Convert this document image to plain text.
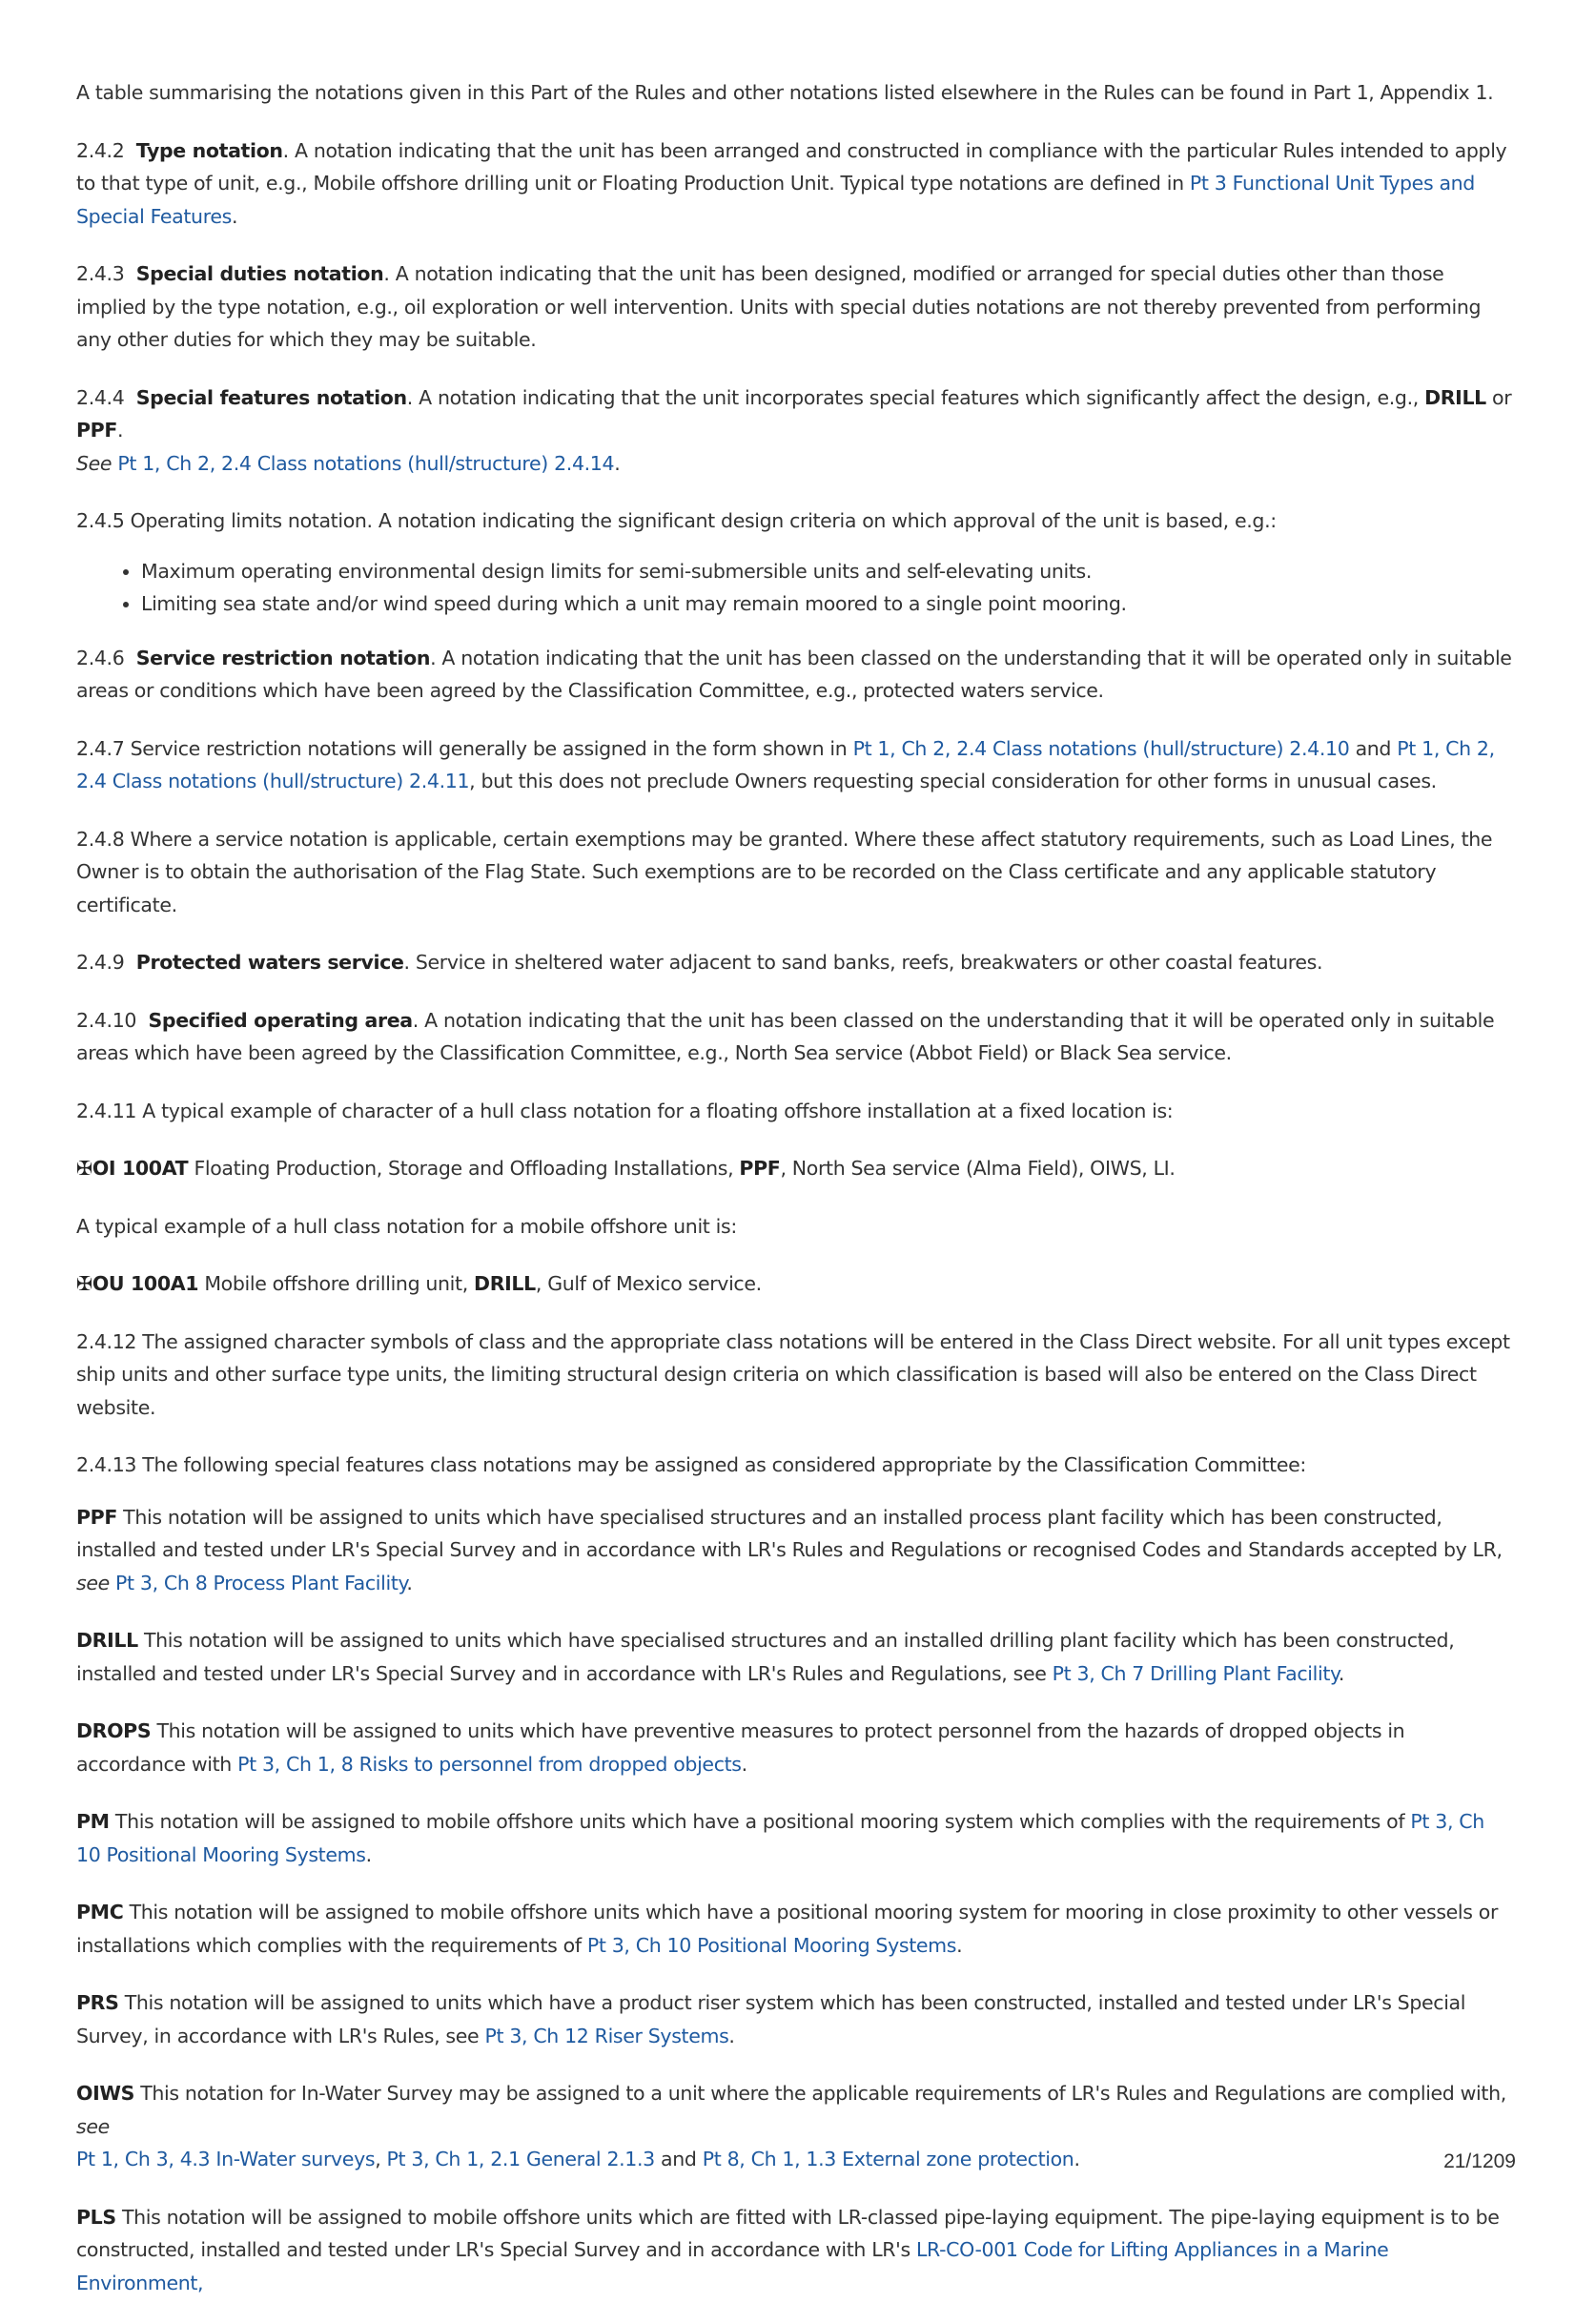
A table summarising the notations given in this Part of the Rules and other notations listed elsewhere in the Rules can be found in Part 1, Appendix 1.

2.4.2 Type notation. A notation indicating that the unit has been arranged and constructed in compliance with the particular Rules intended to apply to that type of unit, e.g., Mobile offshore drilling unit or Floating Production Unit. Typical type notations are defined in Pt 3 Functional Unit Types and Special Features.

2.4.3 Special duties notation. A notation indicating that the unit has been designed, modified or arranged for special duties other than those implied by the type notation, e.g., oil exploration or well intervention. Units with special duties notations are not thereby prevented from performing any other duties for which they may be suitable.

2.4.4 Special features notation. A notation indicating that the unit incorporates special features which significantly affect the design, e.g., DRILL or PPF.
See Pt 1, Ch 2, 2.4 Class notations (hull/structure) 2.4.14.

2.4.5 Operating limits notation. A notation indicating the significant design criteria on which approval of the unit is based, e.g.:

• Maximum operating environmental design limits for semi-submersible units and self-elevating units.
• Limiting sea state and/or wind speed during which a unit may remain moored to a single point mooring.

2.4.6 Service restriction notation. A notation indicating that the unit has been classed on the understanding that it will be operated only in suitable areas or conditions which have been agreed by the Classification Committee, e.g., protected waters service.

2.4.7 Service restriction notations will generally be assigned in the form shown in Pt 1, Ch 2, 2.4 Class notations (hull/structure) 2.4.10 and Pt 1, Ch 2, 2.4 Class notations (hull/structure) 2.4.11, but this does not preclude Owners requesting special consideration for other forms in unusual cases.

2.4.8 Where a service notation is applicable, certain exemptions may be granted. Where these affect statutory requirements, such as Load Lines, the Owner is to obtain the authorisation of the Flag State. Such exemptions are to be recorded on the Class certificate and any applicable statutory certificate.

2.4.9 Protected waters service. Service in sheltered water adjacent to sand banks, reefs, breakwaters or other coastal features.

2.4.10 Specified operating area. A notation indicating that the unit has been classed on the understanding that it will be operated only in suitable areas which have been agreed by the Classification Committee, e.g., North Sea service (Abbot Field) or Black Sea service.

2.4.11 A typical example of character of a hull class notation for a floating offshore installation at a fixed location is:

✠OI 100AT Floating Production, Storage and Offloading Installations, PPF, North Sea service (Alma Field), OIWS, LI.

A typical example of a hull class notation for a mobile offshore unit is:

✠OU 100A1 Mobile offshore drilling unit, DRILL, Gulf of Mexico service.

2.4.12 The assigned character symbols of class and the appropriate class notations will be entered in the Class Direct website. For all unit types except ship units and other surface type units, the limiting structural design criteria on which classification is based will also be entered on the Class Direct website.

2.4.13 The following special features class notations may be assigned as considered appropriate by the Classification Committee:

PPF This notation will be assigned to units which have specialised structures and an installed process plant facility which has been constructed, installed and tested under LR's Special Survey and in accordance with LR's Rules and Regulations or recognised Codes and Standards accepted by LR, see Pt 3, Ch 8 Process Plant Facility.

DRILL This notation will be assigned to units which have specialised structures and an installed drilling plant facility which has been constructed, installed and tested under LR's Special Survey and in accordance with LR's Rules and Regulations, see Pt 3, Ch 7 Drilling Plant Facility.

DROPS This notation will be assigned to units which have preventive measures to protect personnel from the hazards of dropped objects in accordance with Pt 3, Ch 1, 8 Risks to personnel from dropped objects.

PM This notation will be assigned to mobile offshore units which have a positional mooring system which complies with the requirements of Pt 3, Ch 10 Positional Mooring Systems.

PMC This notation will be assigned to mobile offshore units which have a positional mooring system for mooring in close proximity to other vessels or installations which complies with the requirements of Pt 3, Ch 10 Positional Mooring Systems.

PRS This notation will be assigned to units which have a product riser system which has been constructed, installed and tested under LR's Special Survey, in accordance with LR's Rules, see Pt 3, Ch 12 Riser Systems.

OIWS This notation for In-Water Survey may be assigned to a unit where the applicable requirements of LR's Rules and Regulations are complied with, see
Pt 1, Ch 3, 4.3 In-Water surveys, Pt 3, Ch 1, 2.1 General 2.1.3 and Pt 8, Ch 1, 1.3 External zone protection.

PLS This notation will be assigned to mobile offshore units which are fitted with LR-classed pipe-laying equipment. The pipe-laying equipment is to be constructed, installed and tested under LR's Special Survey and in accordance with LR's LR-CO-001 Code for Lifting Appliances in a Marine Environment,

21/1209
